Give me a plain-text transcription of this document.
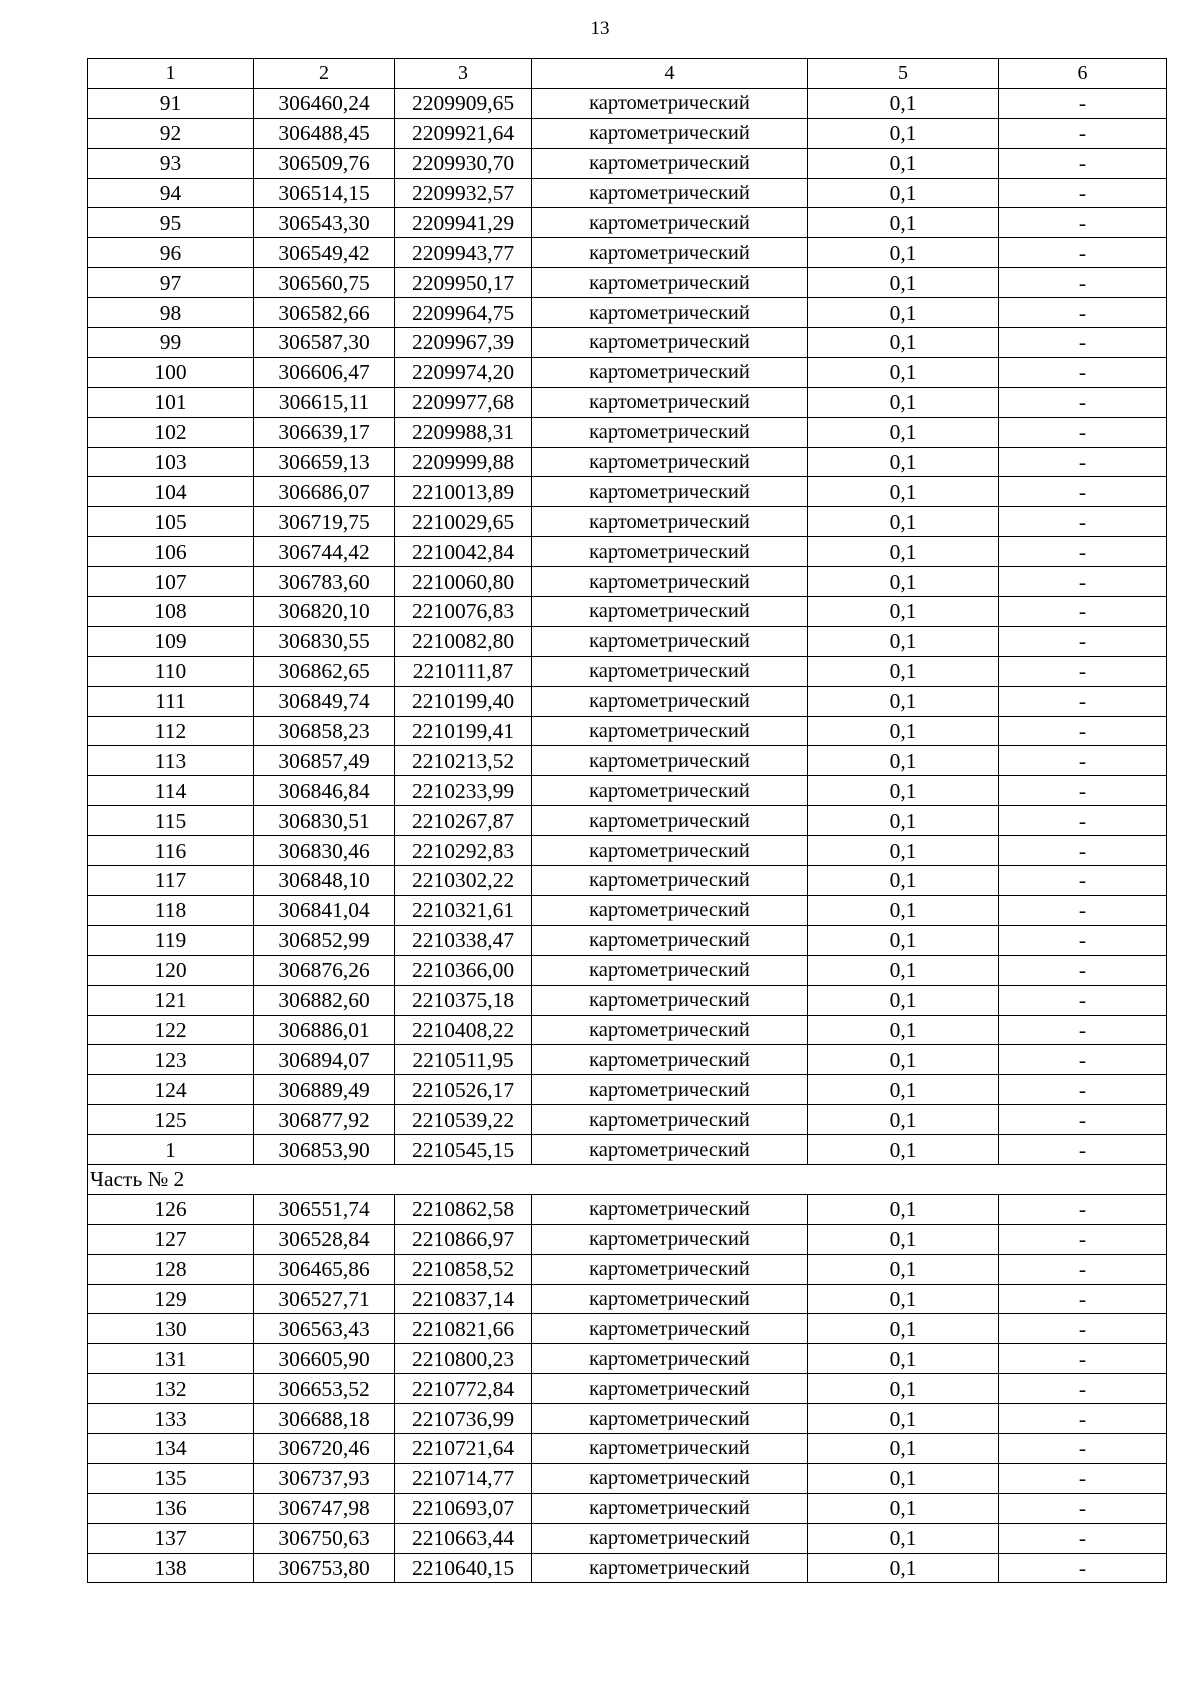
13
1	2	3	4	5	6
91	306460,24	2209909,65	картометрический	0,1	-
92	306488,45	2209921,64	картометрический	0,1	-
93	306509,76	2209930,70	картометрический	0,1	-
94	306514,15	2209932,57	картометрический	0,1	-
95	306543,30	2209941,29	картометрический	0,1	-
96	306549,42	2209943,77	картометрический	0,1	-
97	306560,75	2209950,17	картометрический	0,1	-
98	306582,66	2209964,75	картометрический	0,1	-
99	306587,30	2209967,39	картометрический	0,1	-
100	306606,47	2209974,20	картометрический	0,1	-
101	306615,11	2209977,68	картометрический	0,1	-
102	306639,17	2209988,31	картометрический	0,1	-
103	306659,13	2209999,88	картометрический	0,1	-
104	306686,07	2210013,89	картометрический	0,1	-
105	306719,75	2210029,65	картометрический	0,1	-
106	306744,42	2210042,84	картометрический	0,1	-
107	306783,60	2210060,80	картометрический	0,1	-
108	306820,10	2210076,83	картометрический	0,1	-
109	306830,55	2210082,80	картометрический	0,1	-
110	306862,65	2210111,87	картометрический	0,1	-
111	306849,74	2210199,40	картометрический	0,1	-
112	306858,23	2210199,41	картометрический	0,1	-
113	306857,49	2210213,52	картометрический	0,1	-
114	306846,84	2210233,99	картометрический	0,1	-
115	306830,51	2210267,87	картометрический	0,1	-
116	306830,46	2210292,83	картометрический	0,1	-
117	306848,10	2210302,22	картометрический	0,1	-
118	306841,04	2210321,61	картометрический	0,1	-
119	306852,99	2210338,47	картометрический	0,1	-
120	306876,26	2210366,00	картометрический	0,1	-
121	306882,60	2210375,18	картометрический	0,1	-
122	306886,01	2210408,22	картометрический	0,1	-
123	306894,07	2210511,95	картометрический	0,1	-
124	306889,49	2210526,17	картометрический	0,1	-
125	306877,92	2210539,22	картометрический	0,1	-
1	306853,90	2210545,15	картометрический	0,1	-
Часть № 2					
126	306551,74	2210862,58	картометрический	0,1	-
127	306528,84	2210866,97	картометрический	0,1	-
128	306465,86	2210858,52	картометрический	0,1	-
129	306527,71	2210837,14	картометрический	0,1	-
130	306563,43	2210821,66	картометрический	0,1	-
131	306605,90	2210800,23	картометрический	0,1	-
132	306653,52	2210772,84	картометрический	0,1	-
133	306688,18	2210736,99	картометрический	0,1	-
134	306720,46	2210721,64	картометрический	0,1	-
135	306737,93	2210714,77	картометрический	0,1	-
136	306747,98	2210693,07	картометрический	0,1	-
137	306750,63	2210663,44	картометрический	0,1	-
138	306753,80	2210640,15	картометрический	0,1	-
